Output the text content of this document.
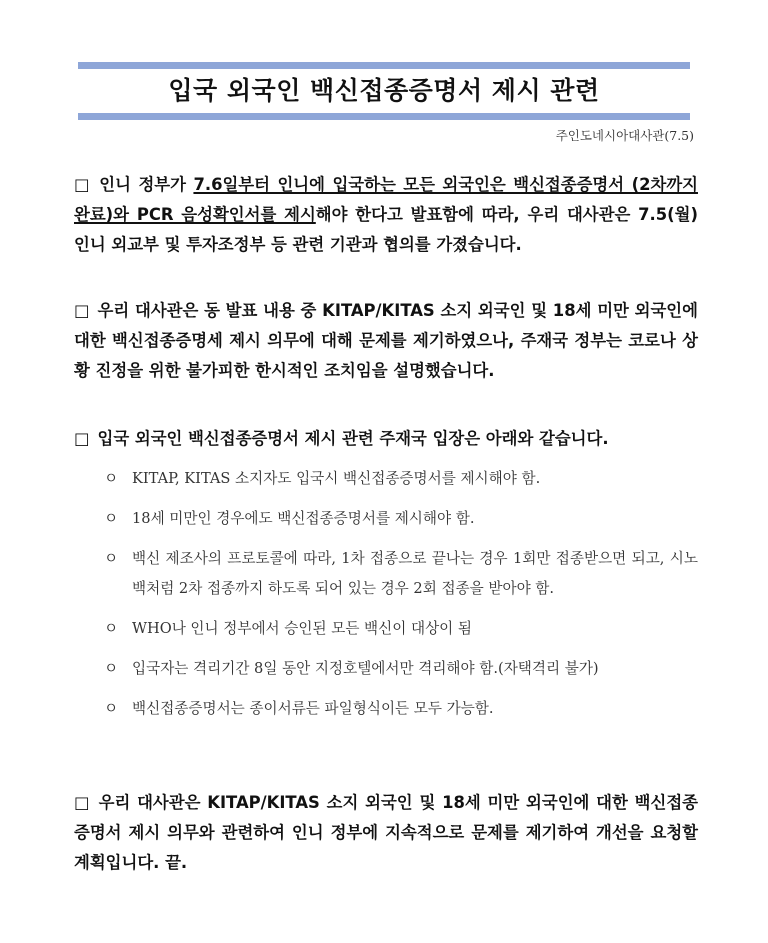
입국 외국인 백신접종증명서 제시 관련
주인도네시아대사관(7.5)
□ 인니 정부가 7.6일부터 인니에 입국하는 모든 외국인은 백신접종증명서 (2차까지 완료)와 PCR 음성확인서를 제시해야 한다고 발표함에 따라, 우리 대사관은 7.5(월) 인니 외교부 및 투자조정부 등 관련 기관과 협의를 가졌습니다.
□ 우리 대사관은 동 발표 내용 중 KITAP/KITAS 소지 외국인 및 18세 미만 외국인에 대한 백신접종증명세 제시 의무에 대해 문제를 제기하였으나, 주재국 정부는 코로나 상황 진정을 위한 불가피한 한시적인 조치임을 설명했습니다.
□ 입국 외국인 백신접종증명서 제시 관련 주재국 입장은 아래와 같습니다.
ㅇ KITAP, KITAS 소지자도 입국시 백신접종증명서를 제시해야 함.
ㅇ 18세 미만인 경우에도 백신접종증명서를 제시해야 함.
ㅇ 백신 제조사의 프로토콜에 따라, 1차 접종으로 끝나는 경우 1회만 접종받으면 되고, 시노백처럼 2차 접종까지 하도록 되어 있는 경우 2회 접종을 받아야 함.
ㅇ WHO나 인니 정부에서 승인된 모든 백신이 대상이 됨
ㅇ 입국자는 격리기간 8일 동안 지정호텔에서만 격리해야 함.(자택격리 불가)
ㅇ 백신접종증명서는 종이서류든 파일형식이든 모두 가능함.
□ 우리 대사관은 KITAP/KITAS 소지 외국인 및 18세 미만 외국인에 대한 백신접종증명서 제시 의무와 관련하여 인니 정부에 지속적으로 문제를 제기하여 개선을 요청할 계획입니다. 끝.
